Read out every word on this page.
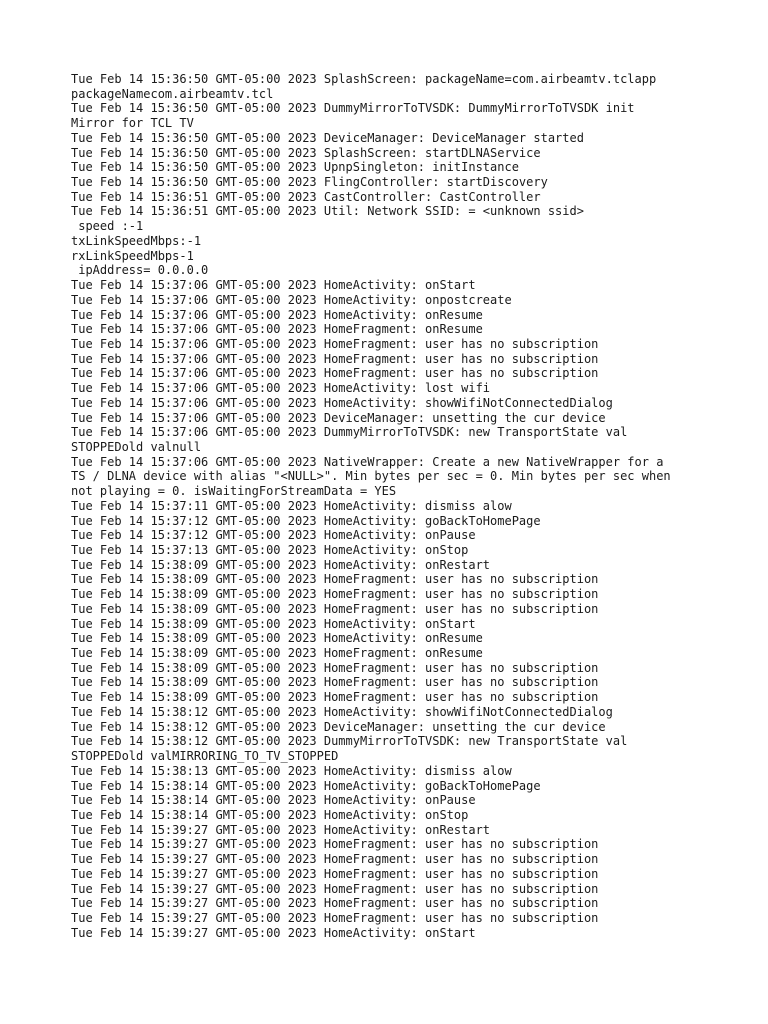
Tue Feb 14 15:36:50 GMT-05:00 2023 SplashScreen: packageName=com.airbeamtv.tclapp
packageNamecom.airbeamtv.tcl
Tue Feb 14 15:36:50 GMT-05:00 2023 DummyMirrorToTVSDK: DummyMirrorToTVSDK init
Mirror for TCL TV
Tue Feb 14 15:36:50 GMT-05:00 2023 DeviceManager: DeviceManager started
Tue Feb 14 15:36:50 GMT-05:00 2023 SplashScreen: startDLNAService
Tue Feb 14 15:36:50 GMT-05:00 2023 UpnpSingleton: initInstance
Tue Feb 14 15:36:50 GMT-05:00 2023 FlingController: startDiscovery
Tue Feb 14 15:36:51 GMT-05:00 2023 CastController: CastController
Tue Feb 14 15:36:51 GMT-05:00 2023 Util: Network SSID: = <unknown ssid>
speed :-1
txLinkSpeedMbps:-1
rxLinkSpeedMbps-1
ipAddress= 0.0.0.0
Tue Feb 14 15:37:06 GMT-05:00 2023 HomeActivity: onStart
Tue Feb 14 15:37:06 GMT-05:00 2023 HomeActivity: onpostcreate
Tue Feb 14 15:37:06 GMT-05:00 2023 HomeActivity: onResume
Tue Feb 14 15:37:06 GMT-05:00 2023 HomeFragment: onResume
Tue Feb 14 15:37:06 GMT-05:00 2023 HomeFragment: user has no subscription
Tue Feb 14 15:37:06 GMT-05:00 2023 HomeFragment: user has no subscription
Tue Feb 14 15:37:06 GMT-05:00 2023 HomeFragment: user has no subscription
Tue Feb 14 15:37:06 GMT-05:00 2023 HomeActivity: lost wifi
Tue Feb 14 15:37:06 GMT-05:00 2023 HomeActivity: showWifiNotConnectedDialog
Tue Feb 14 15:37:06 GMT-05:00 2023 DeviceManager: unsetting the cur device
Tue Feb 14 15:37:06 GMT-05:00 2023 DummyMirrorToTVSDK: new TransportState val
STOPPEDold valnull
Tue Feb 14 15:37:06 GMT-05:00 2023 NativeWrapper: Create a new NativeWrapper for a
TS / DLNA device with alias "<NULL>". Min bytes per sec = 0. Min bytes per sec when
not playing = 0. isWaitingForStreamData = YES
Tue Feb 14 15:37:11 GMT-05:00 2023 HomeActivity: dismiss alow
Tue Feb 14 15:37:12 GMT-05:00 2023 HomeActivity: goBackToHomePage
Tue Feb 14 15:37:12 GMT-05:00 2023 HomeActivity: onPause
Tue Feb 14 15:37:13 GMT-05:00 2023 HomeActivity: onStop
Tue Feb 14 15:38:09 GMT-05:00 2023 HomeActivity: onRestart
Tue Feb 14 15:38:09 GMT-05:00 2023 HomeFragment: user has no subscription
Tue Feb 14 15:38:09 GMT-05:00 2023 HomeFragment: user has no subscription
Tue Feb 14 15:38:09 GMT-05:00 2023 HomeFragment: user has no subscription
Tue Feb 14 15:38:09 GMT-05:00 2023 HomeActivity: onStart
Tue Feb 14 15:38:09 GMT-05:00 2023 HomeActivity: onResume
Tue Feb 14 15:38:09 GMT-05:00 2023 HomeFragment: onResume
Tue Feb 14 15:38:09 GMT-05:00 2023 HomeFragment: user has no subscription
Tue Feb 14 15:38:09 GMT-05:00 2023 HomeFragment: user has no subscription
Tue Feb 14 15:38:09 GMT-05:00 2023 HomeFragment: user has no subscription
Tue Feb 14 15:38:12 GMT-05:00 2023 HomeActivity: showWifiNotConnectedDialog
Tue Feb 14 15:38:12 GMT-05:00 2023 DeviceManager: unsetting the cur device
Tue Feb 14 15:38:12 GMT-05:00 2023 DummyMirrorToTVSDK: new TransportState val
STOPPEDold valMIRRORING_TO_TV_STOPPED
Tue Feb 14 15:38:13 GMT-05:00 2023 HomeActivity: dismiss alow
Tue Feb 14 15:38:14 GMT-05:00 2023 HomeActivity: goBackToHomePage
Tue Feb 14 15:38:14 GMT-05:00 2023 HomeActivity: onPause
Tue Feb 14 15:38:14 GMT-05:00 2023 HomeActivity: onStop
Tue Feb 14 15:39:27 GMT-05:00 2023 HomeActivity: onRestart
Tue Feb 14 15:39:27 GMT-05:00 2023 HomeFragment: user has no subscription
Tue Feb 14 15:39:27 GMT-05:00 2023 HomeFragment: user has no subscription
Tue Feb 14 15:39:27 GMT-05:00 2023 HomeFragment: user has no subscription
Tue Feb 14 15:39:27 GMT-05:00 2023 HomeFragment: user has no subscription
Tue Feb 14 15:39:27 GMT-05:00 2023 HomeFragment: user has no subscription
Tue Feb 14 15:39:27 GMT-05:00 2023 HomeFragment: user has no subscription
Tue Feb 14 15:39:27 GMT-05:00 2023 HomeActivity: onStart
